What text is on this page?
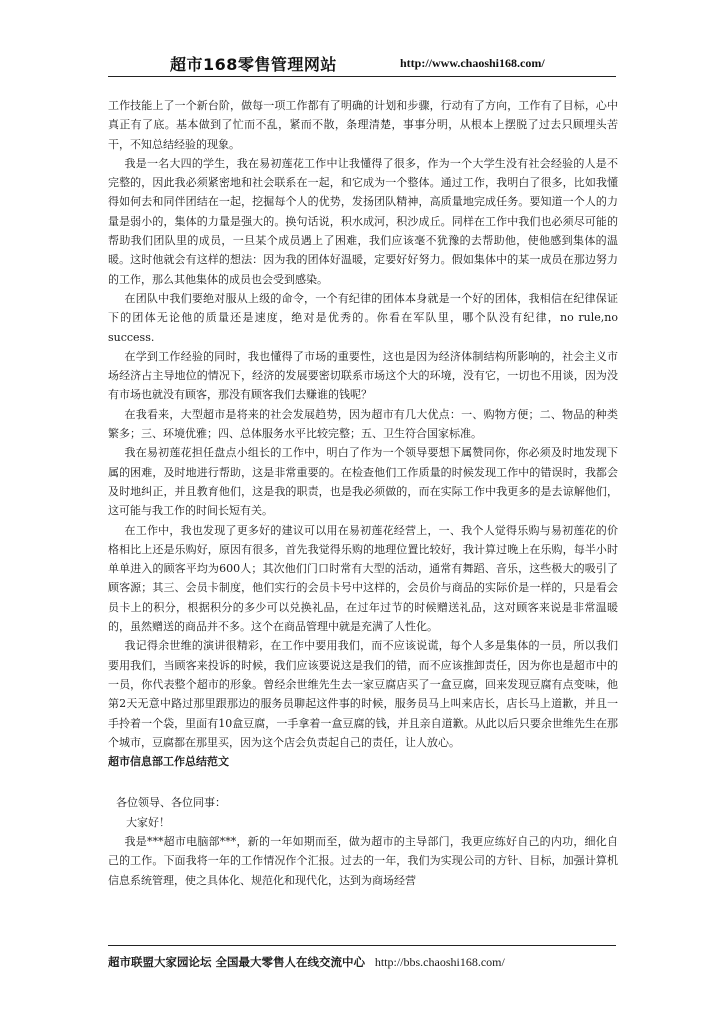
超市168零售管理网站	http://www.chaoshi168.com/

工作技能上了一个新台阶，做每一项工作都有了明确的计划和步骤，行动有了方向，工作有了目标，心中真正有了底。基本做到了忙而不乱，紧而不散，条理清楚，事事分明，从根本上摆脱了过去只顾埋头苦干，不知总结经验的现象。

我是一名大四的学生，我在易初莲花工作中让我懂得了很多，作为一个大学生没有社会经验的人是不完整的，因此我必须紧密地和社会联系在一起，和它成为一个整体。通过工作，我明白了很多，比如我懂得如何去和同伴团结在一起，挖掘每个人的优势，发扬团队精神，高质量地完成任务。要知道一个人的力量是弱小的，集体的力量是强大的。换句话说，积水成河，积沙成丘。同样在工作中我们也必须尽可能的帮助我们团队里的成员，一旦某个成员遇上了困难，我们应该毫不犹豫的去帮助他，使他感到集体的温暖。这时他就会有这样的想法：因为我的团体好温暖，定要好好努力。假如集体中的某一成员在那边努力的工作，那么其他集体的成员也会受到感染。

在团队中我们要绝对服从上级的命令，一个有纪律的团体本身就是一个好的团体，我相信在纪律保证下的团体无论他的质量还是速度，绝对是优秀的。你看在军队里，哪个队没有纪律，no rule,no success.

在学到工作经验的同时，我也懂得了市场的重要性，这也是因为经济体制结构所影响的，社会主义市场经济占主导地位的情况下，经济的发展要密切联系市场这个大的环境，没有它，一切也不用谈，因为没有市场也就没有顾客，那没有顾客我们去赚谁的钱呢？

在我看来，大型超市是将来的社会发展趋势，因为超市有几大优点：一、购物方便；二、物品的种类繁多；三、环境优雅；四、总体服务水平比较完整；五、卫生符合国家标准。

我在易初莲花担任盘点小组长的工作中，明白了作为一个领导要想下属赞同你，你必须及时地发现下属的困难，及时地进行帮助，这是非常重要的。在检查他们工作质量的时候发现工作中的错误时，我都会及时地纠正，并且教育他们，这是我的职责，也是我必须做的，而在实际工作中我更多的是去谅解他们，这可能与我工作的时间长短有关。

在工作中，我也发现了更多好的建议可以用在易初莲花经营上，一、我个人觉得乐购与易初莲花的价格相比上还是乐购好，原因有很多，首先我觉得乐购的地理位置比较好，我计算过晚上在乐购，每半小时单单进入的顾客平均为600人；其次他们门口时常有大型的活动，通常有舞蹈、音乐，这些极大的吸引了顾客源；其三、会员卡制度，他们实行的会员卡号中这样的，会员价与商品的实际价是一样的，只是看会员卡上的积分，根据积分的多少可以兑换礼品，在过年过节的时候赠送礼品，这对顾客来说是非常温暖的，虽然赠送的商品并不多。这个在商品管理中就是充满了人性化。

我记得余世维的演讲很精彩，在工作中要用我们，而不应该说谎，每个人多是集体的一员，所以我们要用我们，当顾客来投诉的时候，我们应该要说这是我们的错，而不应该推卸责任，因为你也是超市中的一员，你代表整个超市的形象。曾经余世维先生去一家豆腐店买了一盒豆腐，回来发现豆腐有点变味，他第2天无意中路过那里跟那边的服务员聊起这件事的时候，服务员马上叫来店长，店长马上道歉，并且一手拎着一个袋，里面有10盒豆腐，一手拿着一盒豆腐的钱，并且亲自道歉。从此以后只要余世维先生在那个城市，豆腐都在那里买，因为这个店会负责起自己的责任，让人放心。

超市信息部工作总结范文

各位领导、各位同事：

大家好！

我是***超市电脑部***，新的一年如期而至，做为超市的主导部门，我更应练好自己的内功，细化自己的工作。下面我将一年的工作情况作个汇报。过去的一年，我们为实现公司的方针、目标，加强计算机信息系统管理，使之具体化、规范化和现代化，达到为商场经营

超市联盟大家园论坛 全国最大零售人在线交流中心 http://bbs.chaoshi168.com/
